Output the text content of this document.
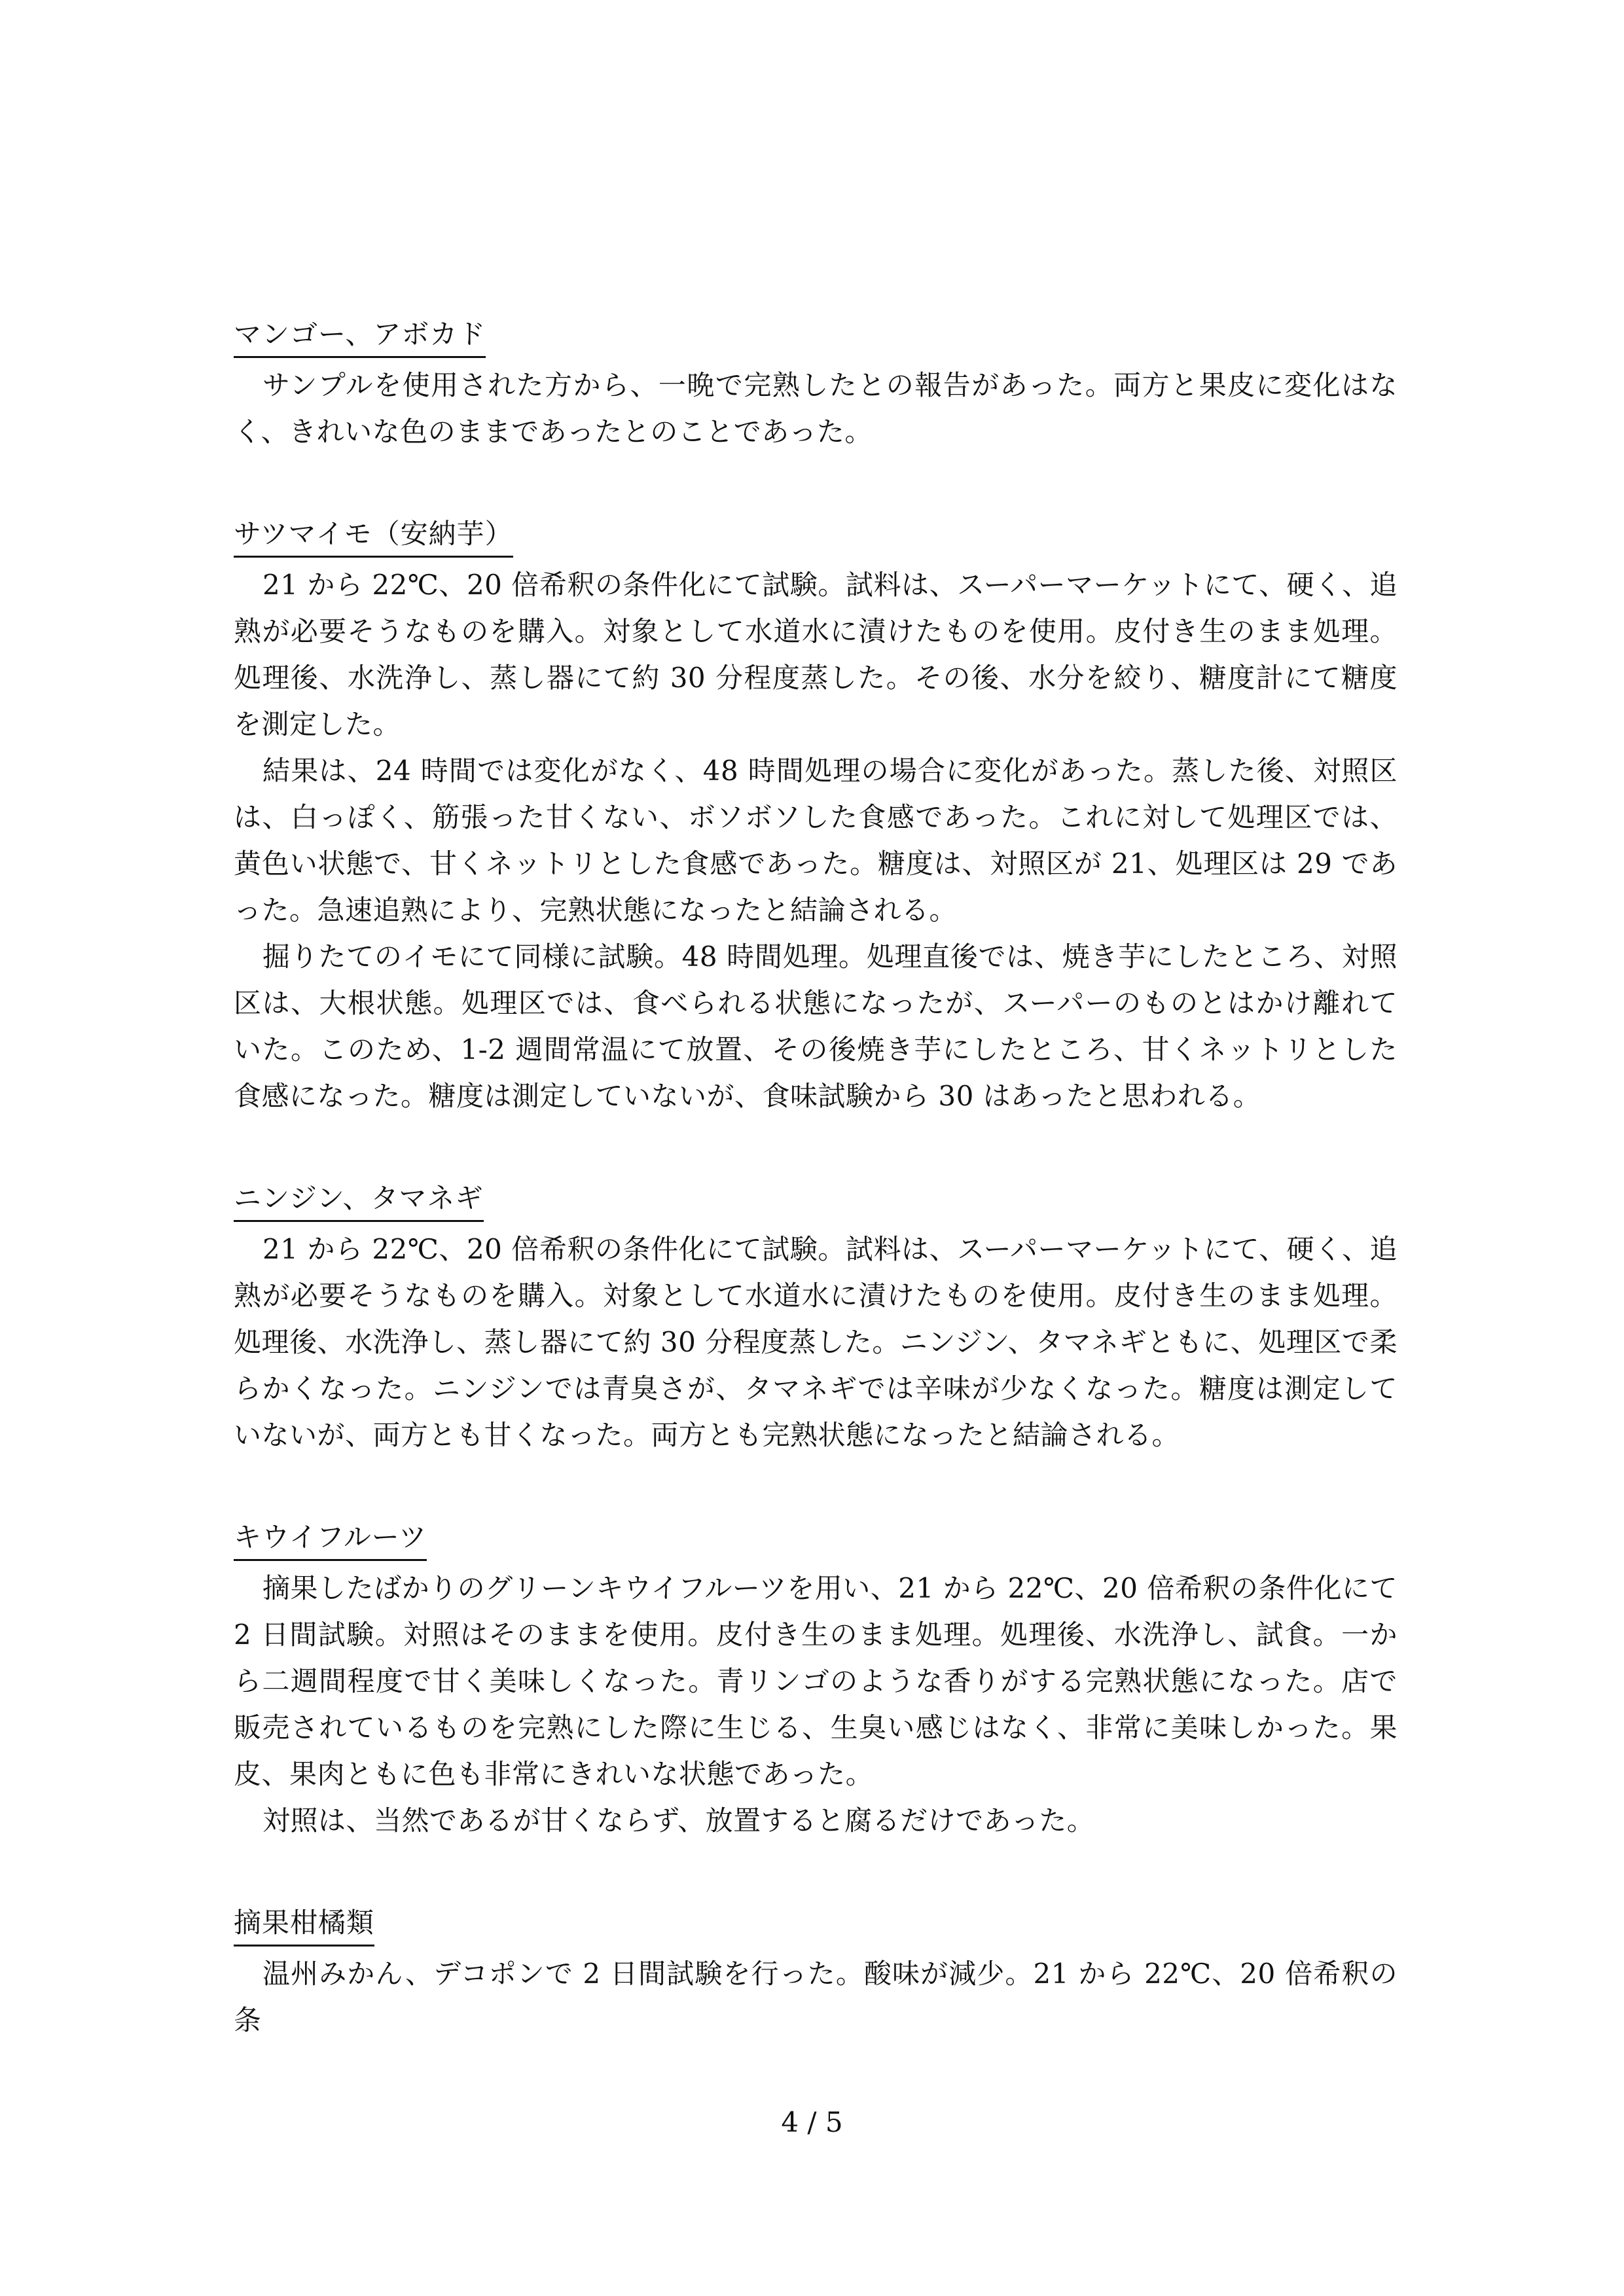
マンゴー、アボカド

サンプルを使用された方から、一晩で完熟したとの報告があった。両方と果皮に変化はなく、きれいな色のままであったとのことであった。

サツマイモ（安納芋）

21 から 22℃、20 倍希釈の条件化にて試験。試料は、スーパーマーケットにて、硬く、追熟が必要そうなものを購入。対象として水道水に漬けたものを使用。皮付き生のまま処理。処理後、水洗浄し、蒸し器にて約 30 分程度蒸した。その後、水分を絞り、糖度計にて糖度を測定した。

結果は、24 時間では変化がなく、48 時間処理の場合に変化があった。蒸した後、対照区は、白っぽく、筋張った甘くない、ボソボソした食感であった。これに対して処理区では、黄色い状態で、甘くネットリとした食感であった。糖度は、対照区が 21、処理区は 29 であった。急速追熟により、完熟状態になったと結論される。

掘りたてのイモにて同様に試験。48 時間処理。処理直後では、焼き芋にしたところ、対照区は、大根状態。処理区では、食べられる状態になったが、スーパーのものとはかけ離れていた。このため、1-2 週間常温にて放置、その後焼き芋にしたところ、甘くネットリとした食感になった。糖度は測定していないが、食味試験から 30 はあったと思われる。

ニンジン、タマネギ

21 から 22℃、20 倍希釈の条件化にて試験。試料は、スーパーマーケットにて、硬く、追熟が必要そうなものを購入。対象として水道水に漬けたものを使用。皮付き生のまま処理。処理後、水洗浄し、蒸し器にて約 30 分程度蒸した。ニンジン、タマネギともに、処理区で柔らかくなった。ニンジンでは青臭さが、タマネギでは辛味が少なくなった。糖度は測定していないが、両方とも甘くなった。両方とも完熟状態になったと結論される。

キウイフルーツ

摘果したばかりのグリーンキウイフルーツを用い、21 から 22℃、20 倍希釈の条件化にて 2 日間試験。対照はそのままを使用。皮付き生のまま処理。処理後、水洗浄し、試食。一から二週間程度で甘く美味しくなった。青リンゴのような香りがする完熟状態になった。店で販売されているものを完熟にした際に生じる、生臭い感じはなく、非常に美味しかった。果皮、果肉ともに色も非常にきれいな状態であった。

対照は、当然であるが甘くならず、放置すると腐るだけであった。

摘果柑橘類

温州みかん、デコポンで 2 日間試験を行った。酸味が減少。21 から 22℃、20 倍希釈の条

4 / 5
